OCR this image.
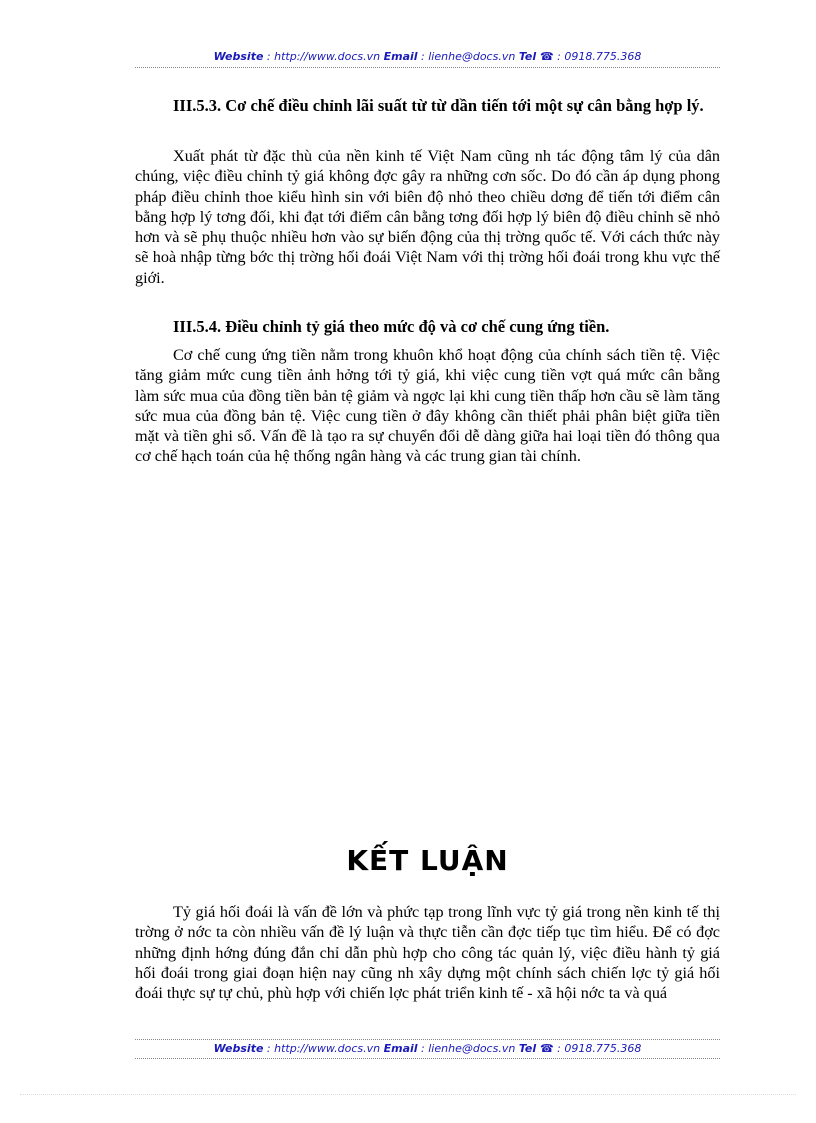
Website : http://www.docs.vn Email : lienhe@docs.vn Tel ☎ : 0918.775.368
III.5.3. Cơ chế điều chỉnh lãi suất từ từ dần tiến tới một sự cân bằng hợp lý.
Xuất phát từ đặc thù của nền kinh tế Việt Nam cũng nh tác động tâm lý của dân chúng, việc điều chỉnh tỷ giá không đợc gây ra những cơn sốc. Do đó cần áp dụng phong pháp điều chỉnh thoe kiểu hình sin với biên độ nhỏ theo chiều dơng để tiến tới điểm cân bằng hợp lý tơng đối, khi đạt tới điểm cân bằng tơng đối hợp lý biên độ điều chỉnh sẽ nhỏ hơn và sẽ phụ thuộc nhiều hơn vào sự biến động của thị trờng quốc tế. Với cách thức này sẽ hoà nhập từng bớc thị trờng hối đoái Việt Nam với thị trờng hối đoái trong khu vực thế giới.
III.5.4. Điều chỉnh tỷ giá theo mức độ và cơ chế cung ứng tiền.
Cơ chế cung ứng tiền nằm trong khuôn khổ hoạt động của chính sách tiền tệ. Việc tăng giảm mức cung tiền ảnh hởng tới tỷ giá, khi việc cung tiền vợt quá mức cân bằng làm sức mua của đồng tiền bản tệ giảm và ngợc lại khi cung tiền thấp hơn cầu sẽ làm tăng sức mua của đồng bản tệ. Việc cung tiền ở đây không cần thiết phải phân biệt giữa tiền mặt và tiền ghi sổ. Vấn đề là tạo ra sự chuyển đổi dễ dàng giữa hai loại tiền đó thông qua cơ chế hạch toán của hệ thống ngân hàng và các trung gian tài chính.
KẾT LUẬN
Tỷ giá hối đoái là vấn đề lớn và phức tạp trong lĩnh vực tỷ giá trong nền kinh tế thị trờng ở nớc ta còn nhiều vấn đề lý luận và thực tiễn cần đợc tiếp tục tìm hiểu. Để có đợc những định hớng đúng đắn chỉ dẫn phù hợp cho công tác quản lý, việc điều hành tỷ giá hối đoái trong giai đoạn hiện nay cũng nh xây dựng một chính sách chiến lợc tỷ giá hối đoái thực sự tự chủ, phù hợp với chiến lợc phát triển kinh tế - xã hội nớc ta và quá
Website : http://www.docs.vn Email : lienhe@docs.vn Tel ☎ : 0918.775.368
